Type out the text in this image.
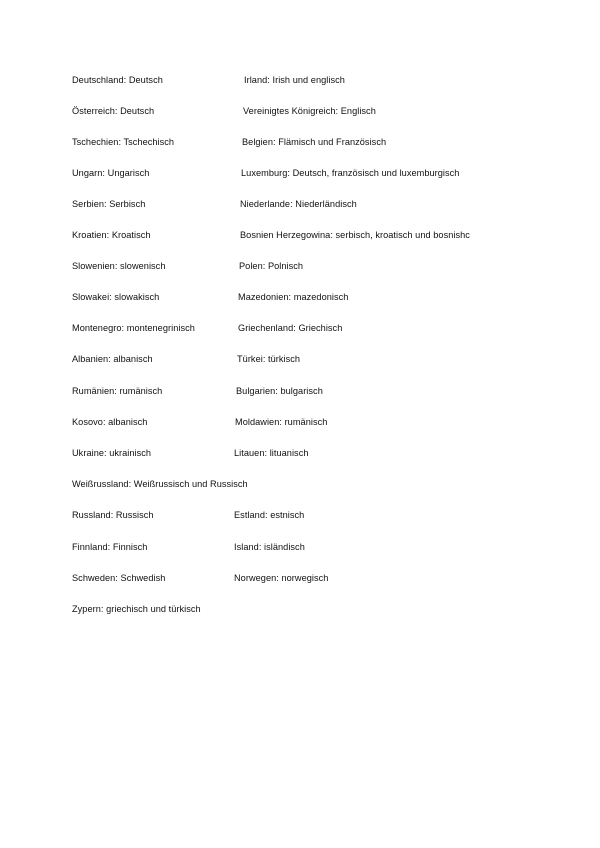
Deutschland: Deutsch	Irland: Irish und englisch
Österreich: Deutsch	Vereinigtes Königreich: Englisch
Tschechien: Tschechisch	Belgien: Flämisch und Französisch
Ungarn: Ungarisch	Luxemburg: Deutsch, französisch und luxemburgisch
Serbien: Serbisch	Niederlande: Niederländisch
Kroatien: Kroatisch	Bosnien Herzegowina: serbisch, kroatisch und bosnishc
Slowenien: slowenisch	Polen: Polnisch
Slowakei: slowakisch	Mazedonien: mazedonisch
Montenegro: montenegrinisch	Griechenland: Griechisch
Albanien: albanisch	Türkei: türkisch
Rumänien: rumänisch	Bulgarien: bulgarisch
Kosovo: albanisch	Moldawien: rumänisch
Ukraine: ukrainisch	Litauen: lituanisch
Weißrussland: Weißrussisch und Russisch
Russland: Russisch	Estland: estnisch
Finnland: Finnisch	Island: isländisch
Schweden: Schwedish	Norwegen: norwegisch
Zypern: griechisch und türkisch
